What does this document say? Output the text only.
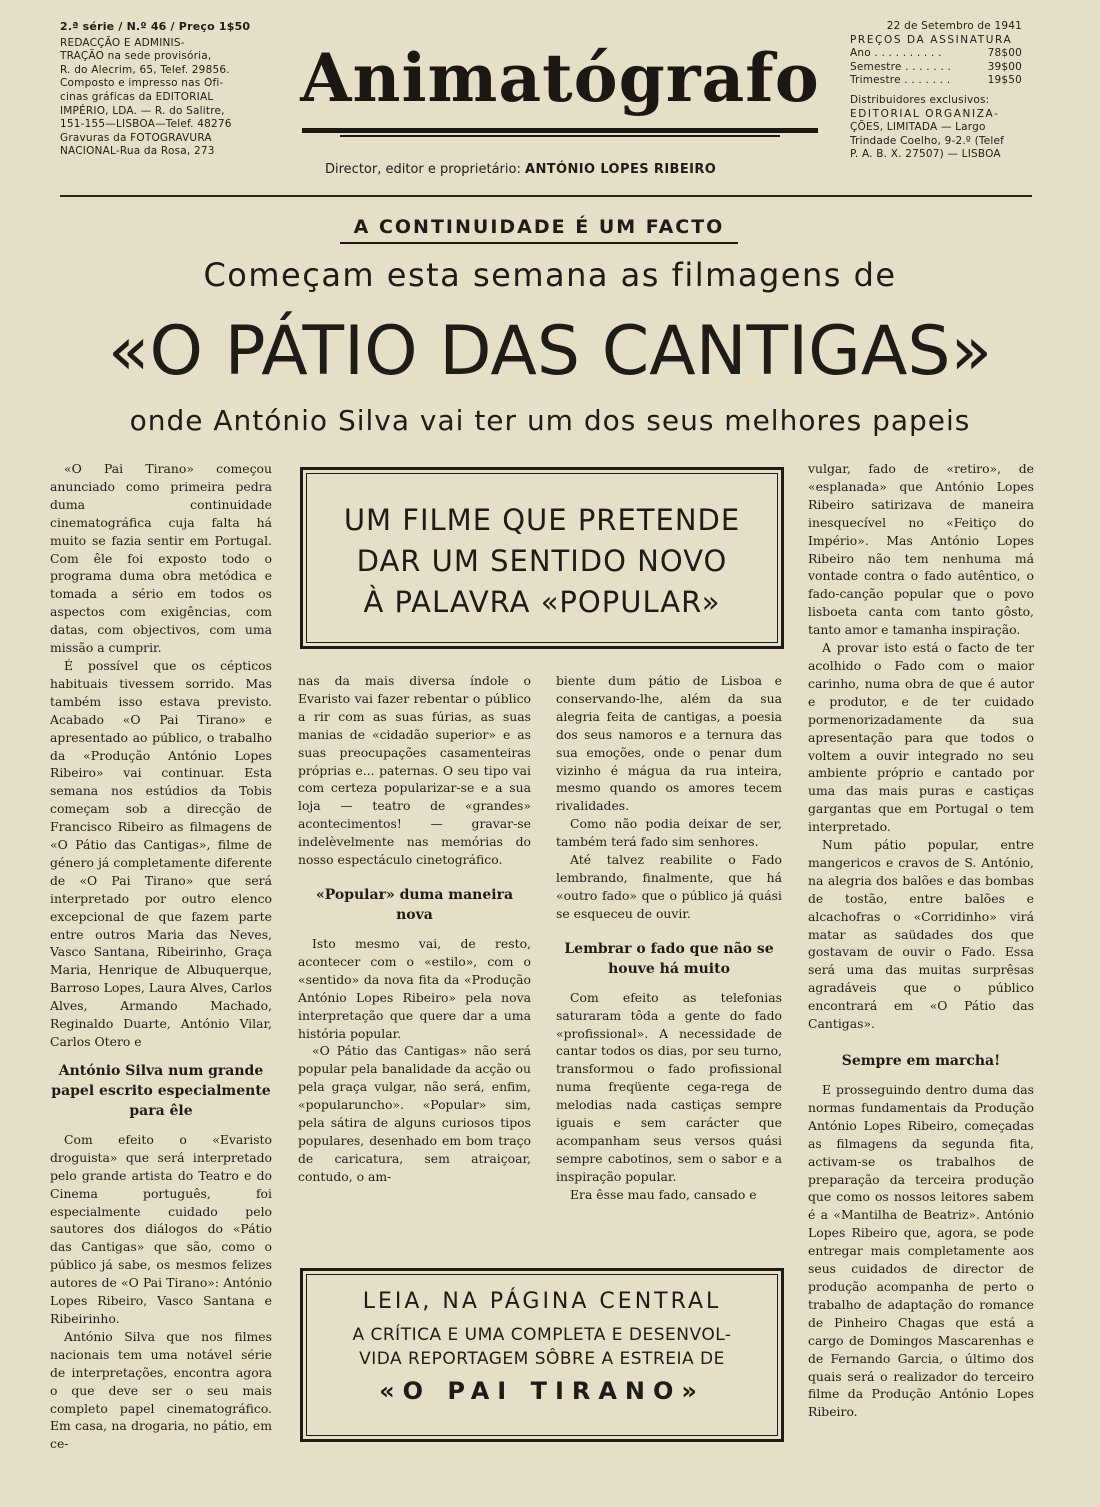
2.ª série / N.º 46 / Preço 1$50
REDACÇÃO E ADMINIS-
TRAÇÃO na sede provisória,
R. do Alecrim, 65, Telef. 29856.
Composto e impresso nas Ofi-
cinas gráficas da EDITORIAL
IMPÉRIO, LDA. — R. do Salitre,
151-155—LISBOA—Telef. 48276
Gravuras da FOTOGRAVURA
NACIONAL-Rua da Rosa, 273
Animatógrafo
Director, editor e proprietário: ANTÓNIO LOPES RIBEIRO
22 de Setembro de 1941
PREÇOS DA ASSINATURA
Ano . . . . . . . . . .	78$00
Semestre . . . . . . .	39$00
Trimestre . . . . . . .	19$50
Distribuidores exclusivos:
EDITORIAL ORGANIZA-
ÇÕES, LIMITADA — Largo
Trindade Coelho, 9-2.º (Telef
P. A. B. X. 27507) — LISBOA
A CONTINUIDADE É UM FACTO
Começam esta semana as filmagens de
«O PÁTIO DAS CANTIGAS»
onde António Silva vai ter um dos seus melhores papeis

«O Pai Tirano» começou anunciado como primeira pedra duma continuidade cinematográfica cuja falta há muito se fazia sentir em Portugal. Com êle foi exposto todo o programa duma obra metódica e tomada a sério em todos os aspectos com exigências, com datas, com objectivos, com uma missão a cumprir.

É possível que os cépticos habituais tivessem sorrido. Mas também isso estava previsto. Acabado «O Pai Tirano» e apresentado ao público, o trabalho da «Produção António Lopes Ribeiro» vai continuar. Esta semana nos estúdios da Tobis começam sob a direcção de Francisco Ribeiro as filmagens de «O Pátio das Cantigas», filme de género já completamente diferente de «O Pai Tirano» que será interpretado por outro elenco excepcional de que fazem parte entre outros Maria das Neves, Vasco Santana, Ribeirinho, Graça Maria, Henrique de Albuquerque, Barroso Lopes, Laura Alves, Carlos Alves, Armando Machado, Reginaldo Duarte, António Vilar, Carlos Otero e

António Silva num grande papel escrito especialmente para êle

Com efeito o «Evaristo droguista» que será interpretado pelo grande artista do Teatro e do Cinema português, foi especialmente cuidado pelo sautores dos diálogos do «Pátio das Cantigas» que são, como o público já sabe, os mesmos felizes autores de «O Pai Tirano»: António Lopes Ribeiro, Vasco Santana e Ribeirinho.

António Silva que nos filmes nacionais tem uma notável série de interpretações, encontra agora o que deve ser o seu mais completo papel cinematográfico. Em casa, na drogaria, no pátio, em ce-

UM FILME QUE PRETENDE
DAR UM SENTIDO NOVO
À PALAVRA «POPULAR»

nas da mais diversa índole o Evaristo vai fazer rebentar o público a rir com as suas fúrias, as suas manias de «cidadão superior» e as suas preocupações casamenteiras próprias e... paternas. O seu tipo vai com certeza popularizar-se e a sua loja — teatro de «grandes» acontecimentos! — gravar-se indelèvelmente nas memórias do nosso espectáculo cinetográfico.

«Popular» duma maneira nova

Isto mesmo vai, de resto, acontecer com o «estilo», com o «sentido» da nova fita da «Produção António Lopes Ribeiro» pela nova interpretação que quere dar a uma história popular.

«O Pátio das Cantigas» não será popular pela banalidade da acção ou pela graça vulgar, não será, enfim, «popularuncho». «Popular» sim, pela sátira de alguns curiosos tipos populares, desenhado em bom traço de caricatura, sem atraiçoar, contudo, o am-

biente dum pátio de Lisboa e conservando-lhe, além da sua alegria feita de cantigas, a poesia dos seus namoros e a ternura das sua emoções, onde o penar dum vizinho é mágua da rua inteira, mesmo quando os amores tecem rivalidades.

Como não podia deixar de ser, também terá fado sim senhores.

Até talvez reabilite o Fado lembrando, finalmente, que há «outro fado» que o público já quási se esqueceu de ouvir.

Lembrar o fado que não se houve há muito

Com efeito as telefonias saturaram tôda a gente do fado «profissional». A necessidade de cantar todos os dias, por seu turno, transformou o fado profissional numa freqüente cega-rega de melodias nada castiças sempre iguais e sem carácter que acompanham seus versos quási sempre cabotinos, sem o sabor e a inspiração popular.

Era êsse mau fado, cansado e

LEIA, NA PÁGINA CENTRAL
A CRÍTICA E UMA COMPLETA E DESENVOL-
VIDA REPORTAGEM SÔBRE A ESTREIA DE
«O PAI TIRANO»

vulgar, fado de «retiro», de «esplanada» que António Lopes Ribeiro satirizava de maneira inesquecível no «Feitiço do Império». Mas António Lopes Ribeiro não tem nenhuma má vontade contra o fado autêntico, o fado-canção popular que o povo lisboeta canta com tanto gôsto, tanto amor e tamanha inspiração.

A provar isto está o facto de ter acolhido o Fado com o maior carinho, numa obra de que é autor e produtor, e de ter cuidado pormenorizadamente da sua apresentação para que todos o voltem a ouvir integrado no seu ambiente próprio e cantado por uma das mais puras e castiças gargantas que em Portugal o tem interpretado.

Num pátio popular, entre mangericos e cravos de S. António, na alegria dos balões e das bombas de tostão, entre balões e alcachofras o «Corridinho» virá matar as saüdades dos que gostavam de ouvir o Fado. Essa será uma das muitas surprêsas agradáveis que o público encontrará em «O Pátio das Cantigas».

Sempre em marcha!

E prosseguindo dentro duma das normas fundamentais da Produção António Lopes Ribeiro, começadas as filmagens da segunda fita, activam-se os trabalhos de preparação da terceira produção que como os nossos leitores sabem é a «Mantilha de Beatriz». António Lopes Ribeiro que, agora, se pode entregar mais completamente aos seus cuidados de director de produção acompanha de perto o trabalho de adaptação do romance de Pinheiro Chagas que está a cargo de Domingos Mascarenhas e de Fernando Garcia, o último dos quais será o realizador do terceiro filme da Produção António Lopes Ribeiro.
